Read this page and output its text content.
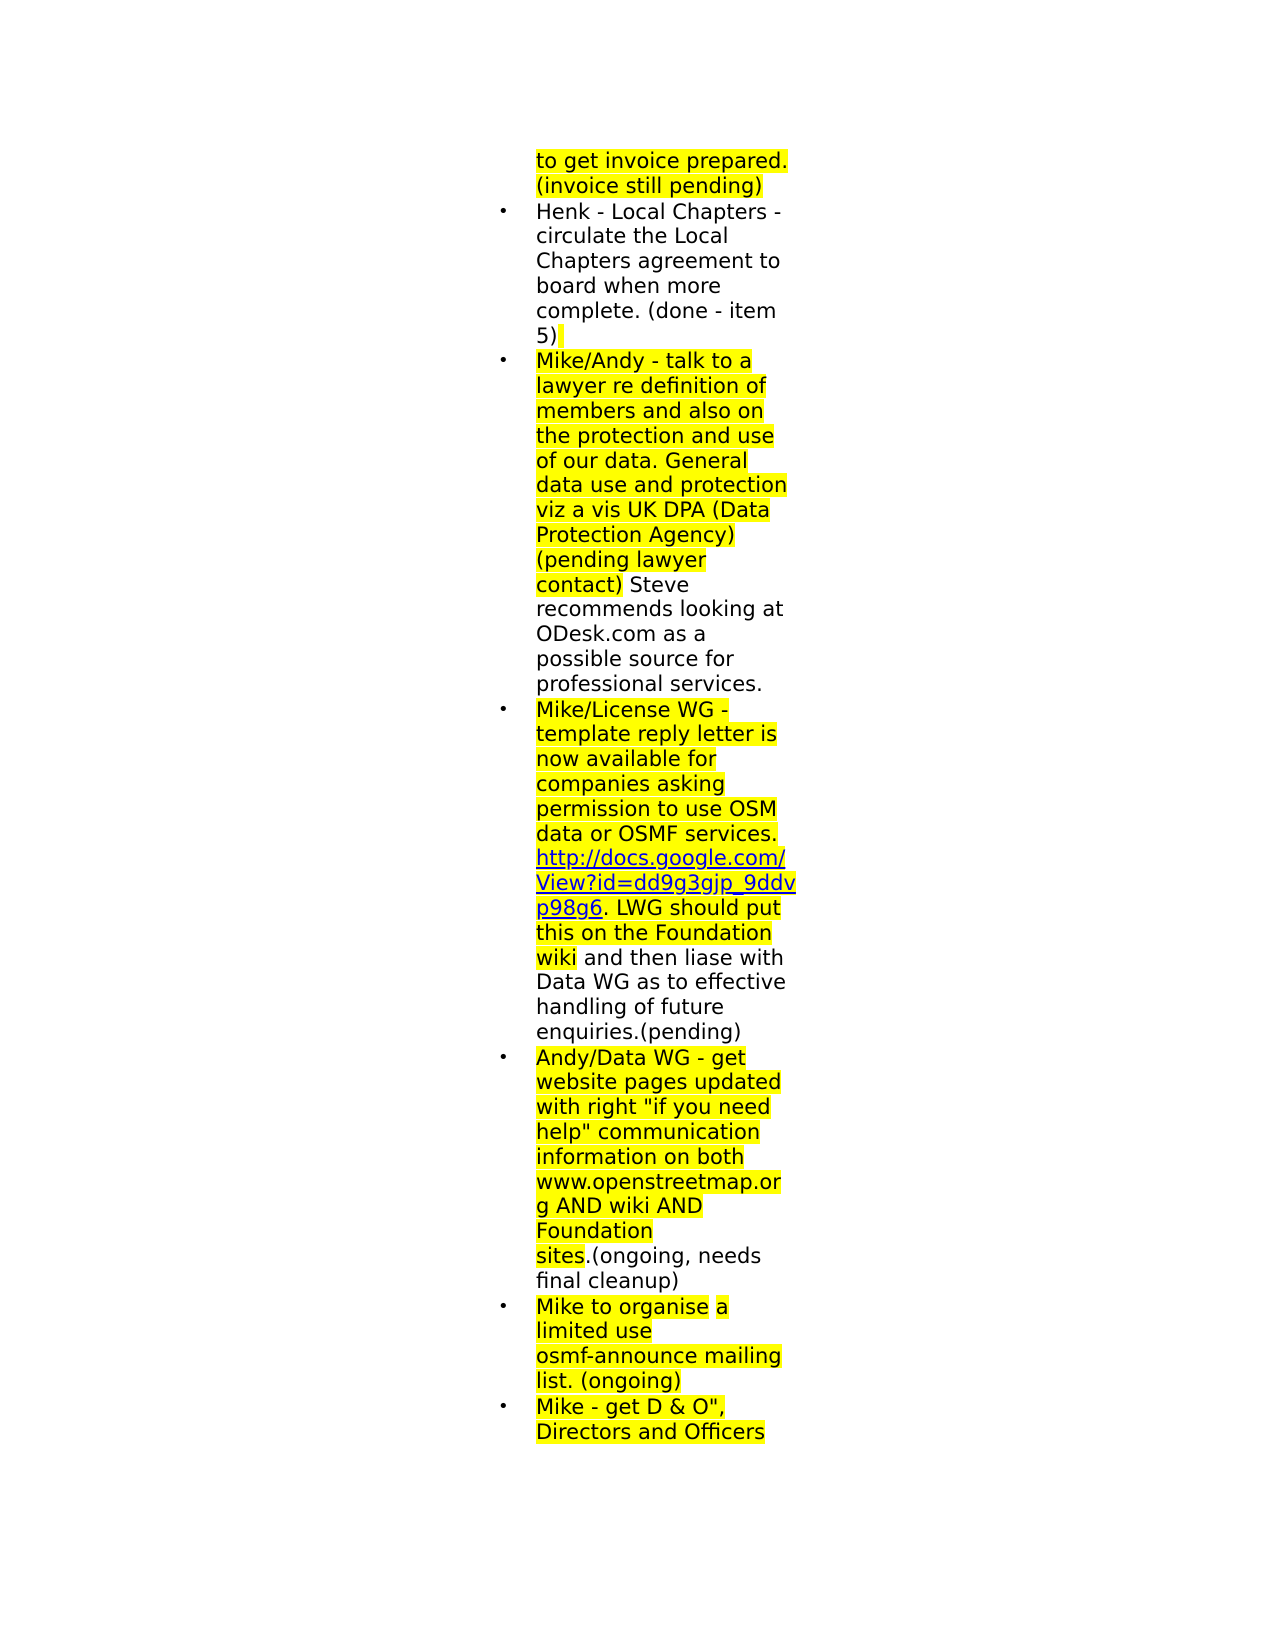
to get invoice prepared.
(invoice still pending)
• Henk - Local Chapters -
circulate the Local
Chapters agreement to
board when more
complete. (done - item
5)
• Mike/Andy - talk to a
lawyer re definition of
members and also on
the protection and use
of our data. General
data use and protection
viz a vis UK DPA (Data
Protection Agency)
(pending lawyer
contact) Steve
recommends looking at
ODesk.com as a
possible source for
professional services.
• Mike/License WG -
template reply letter is
now available for
companies asking
permission to use OSM
data or OSMF services.
http://docs.google.com/
View?id=dd9g3gjp_9ddv
p98g6. LWG should put
this on the Foundation
wiki and then liase with
Data WG as to effective
handling of future
enquiries.(pending)
• Andy/Data WG - get
website pages updated
with right "if you need
help" communication
information on both
www.openstreetmap.or
g AND wiki AND
Foundation
sites.(ongoing, needs
final cleanup)
• Mike to organise a
limited use
osmf-announce mailing
list. (ongoing)
• Mike - get D & O",
Directors and Officers
